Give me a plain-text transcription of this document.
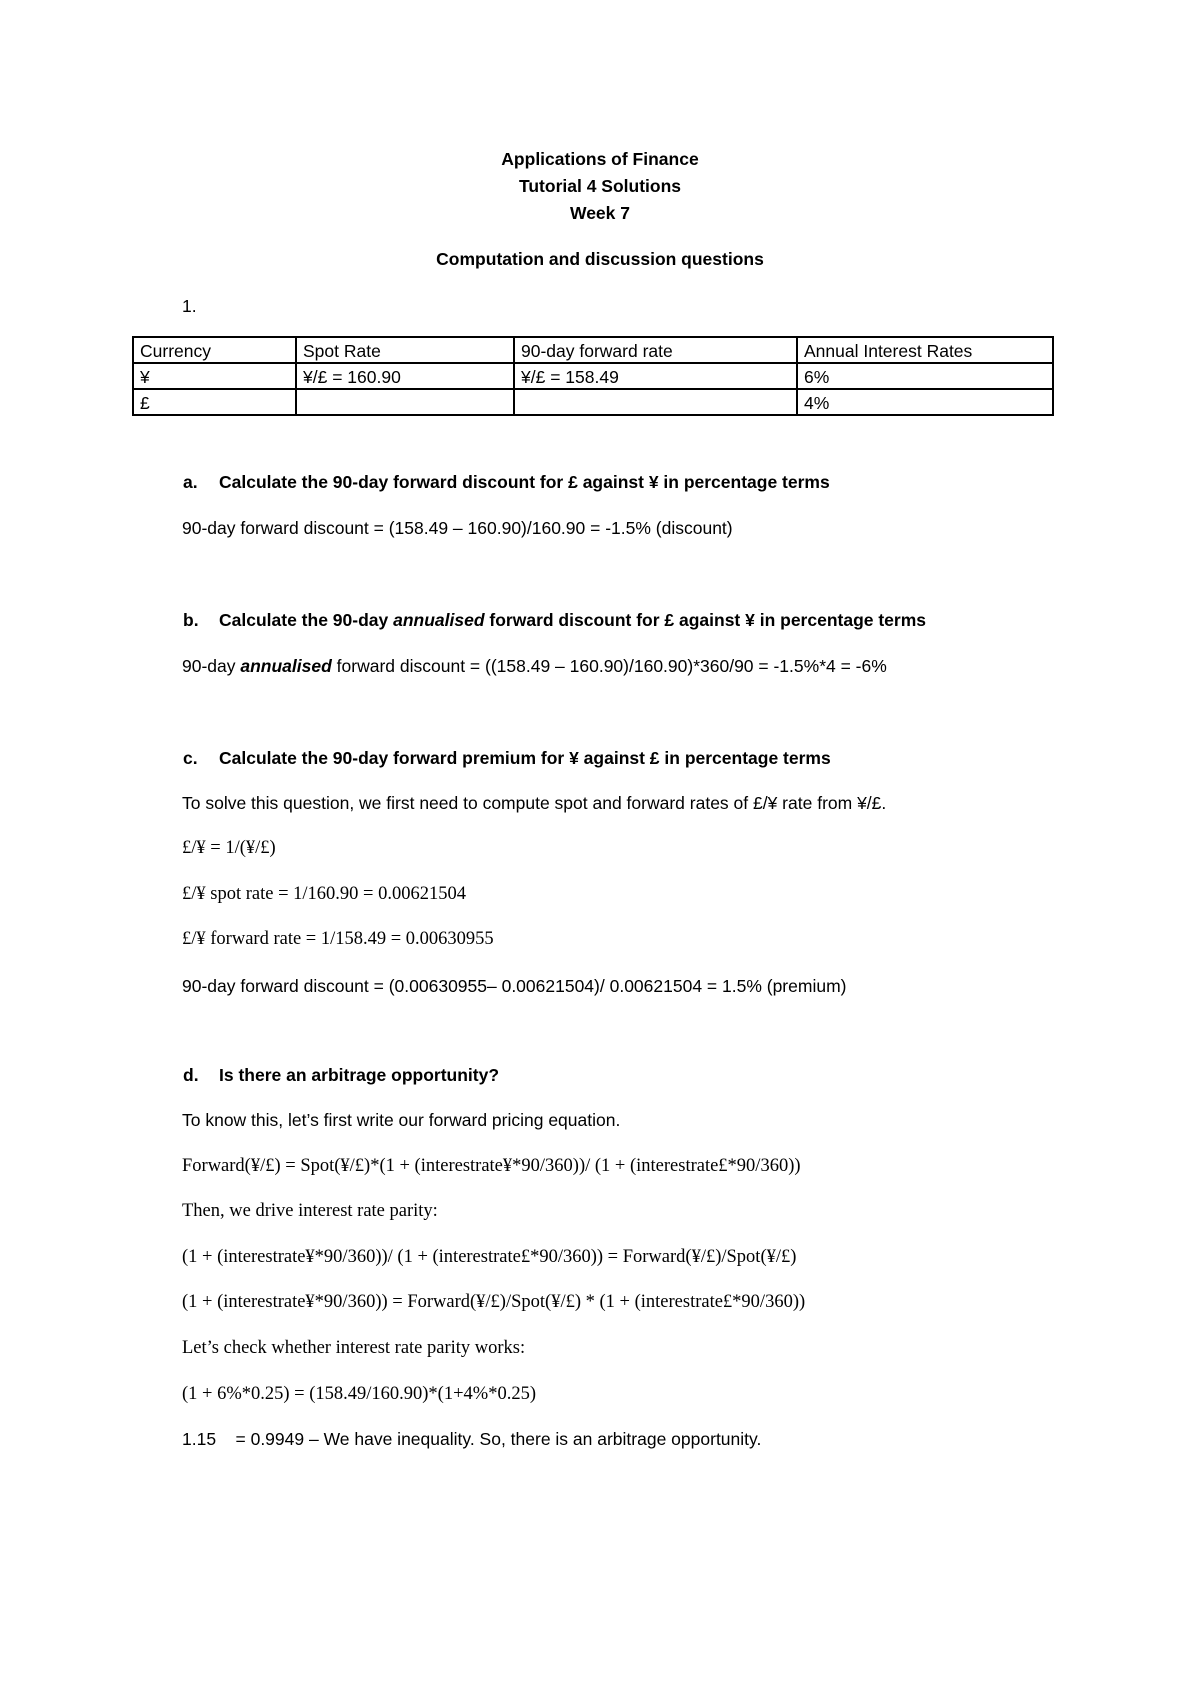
Applications of Finance
Tutorial 4 Solutions
Week 7
Computation and discussion questions
1.
Currency	Spot Rate	90-day forward rate	Annual Interest Rates
¥	¥/£ = 160.90	¥/£ = 158.49	6%
£			4%
a. Calculate the 90-day forward discount for £ against ¥ in percentage terms
90-day forward discount = (158.49 – 160.90)/160.90 = -1.5% (discount)
b. Calculate the 90-day annualised forward discount for £ against ¥ in percentage terms
90-day annualised forward discount = ((158.49 – 160.90)/160.90)*360/90 = -1.5%*4 = -6%
c. Calculate the 90-day forward premium for ¥ against £ in percentage terms
To solve this question, we first need to compute spot and forward rates of £/¥ rate from ¥/£.
£/¥ = 1/(¥/£)
£/¥ spot rate = 1/160.90 = 0.00621504
£/¥ forward rate = 1/158.49 = 0.00630955
90-day forward discount = (0.00630955– 0.00621504)/ 0.00621504 = 1.5% (premium)
d. Is there an arbitrage opportunity?
To know this, let’s first write our forward pricing equation.
Forward(¥/£) = Spot(¥/£)*(1 + (interestrate¥*90/360))/ (1 + (interestrate£*90/360))
Then, we drive interest rate parity:
(1 + (interestrate¥*90/360))/ (1 + (interestrate£*90/360)) = Forward(¥/£)/Spot(¥/£)
(1 + (interestrate¥*90/360)) = Forward(¥/£)/Spot(¥/£) * (1 + (interestrate£*90/360))
Let’s check whether interest rate parity works:
(1 + 6%*0.25) = (158.49/160.90)*(1+4%*0.25)
1.15    = 0.9949 – We have inequality. So, there is an arbitrage opportunity.
